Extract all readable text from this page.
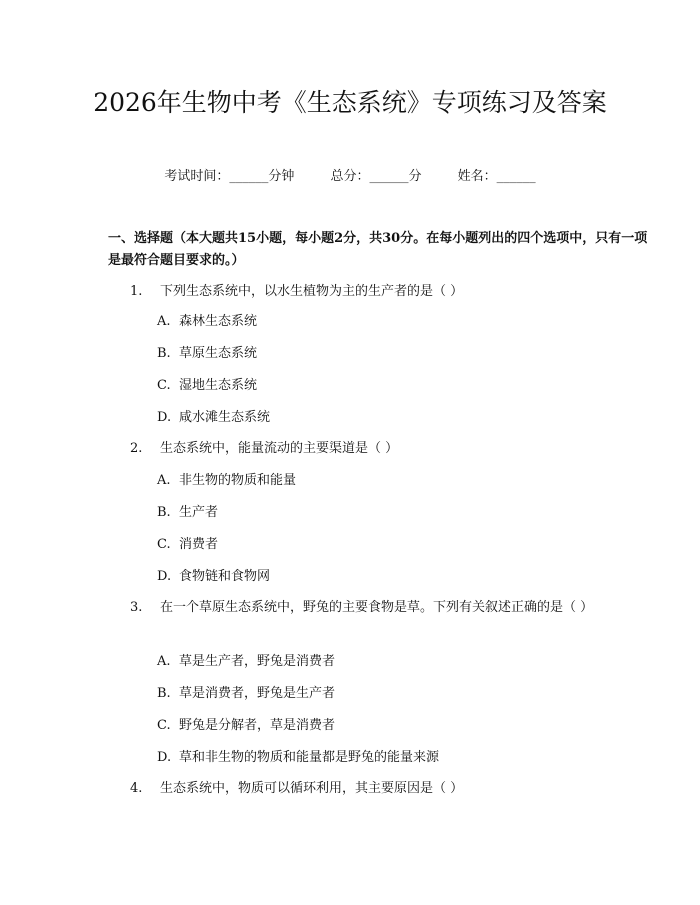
2026年生物中考《生态系统》专项练习及答案
考试时间：______分钟	总分：______分	姓名：______
一、选择题（本大题共15小题，每小题2分，共30分。在每小题列出的四个选项中，只有一项是最符合题目要求的。）
1. 下列生态系统中，以水生植物为主的生产者的是（ ）
A. 森林生态系统
B. 草原生态系统
C. 湿地生态系统
D. 咸水滩生态系统
2. 生态系统中，能量流动的主要渠道是（ ）
A. 非生物的物质和能量
B. 生产者
C. 消费者
D. 食物链和食物网
3. 在一个草原生态系统中，野兔的主要食物是草。下列有关叙述正确的是（ ）
A. 草是生产者，野兔是消费者
B. 草是消费者，野兔是生产者
C. 野兔是分解者，草是消费者
D. 草和非生物的物质和能量都是野兔的能量来源
4. 生态系统中，物质可以循环利用，其主要原因是（ ）
